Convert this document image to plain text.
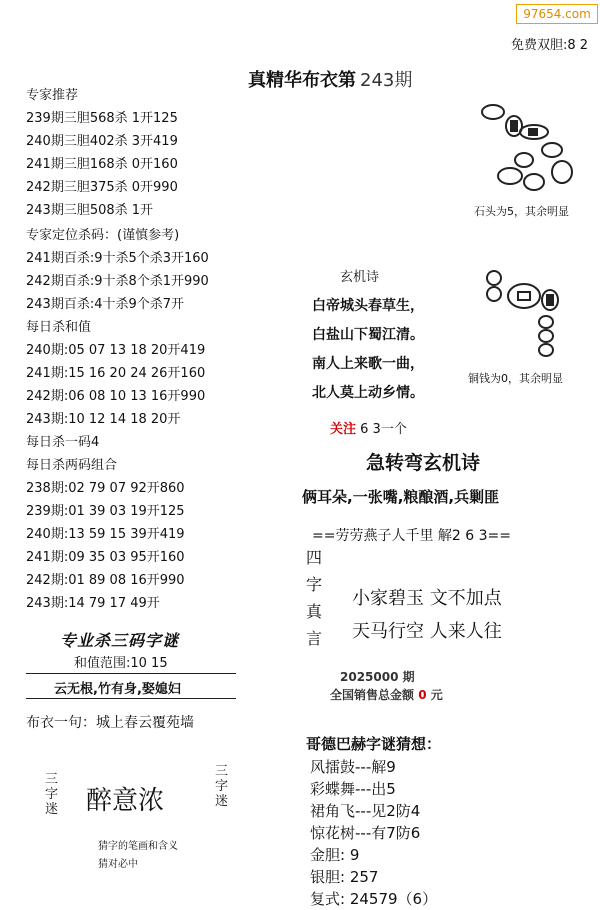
97654.com
免费双胆:8 2
真精华布衣第 243期
专家推荐
239期三胆568杀 1开125
240期三胆402杀 3开419
241期三胆168杀 0开160
242期三胆375杀 0开990
243期三胆508杀 1开
专家定位杀码：(谨慎参考)
241期百杀:9十杀5个杀3开160
242期百杀:9十杀8个杀1开990
243期百杀:4十杀9个杀7开
每日杀和值
240期:05 07 13 18 20开419
241期:15 16 20 24 26开160
242期:06 08 10 13 16开990
243期:10 12 14 18 20开
每日杀一码4
每日杀两码组合
238期:02 79 07 92开860
239期:01 39 03 19开125
240期:13 59 15 39开419
241期:09 35 03 95开160
242期:01 89 08 16开990
243期:14 79 17 49开
专业杀三码字谜
和值范围:10 15
云无根,竹有身,娶媳妇
布衣一句：城上春云覆苑墙
三字迷 醉意浓
三字迷
猜字的笔画和含义
猜对必中
石头为5，其余明显
铜钱为0，其余明显
玄机诗
白帝城头春草生，
白盐山下蜀江清。
南人上来歌一曲，
北人莫上动乡情。
关注 6 3一个
急转弯玄机诗
俩耳朵,一张嘴,粮酿酒,兵剿匪
==劳劳燕子人千里 解2 6 3==
四字真言
小家碧玉 文不加点
天马行空 人来人往
2025000 期
全国销售总金额 0 元
哥德巴赫字谜猜想：
风擂鼓---解9
彩蝶舞---出5
裙角飞---见2防4
惊花树---有7防6
金胆: 9
银胆: 257
复式: 24579（6）
